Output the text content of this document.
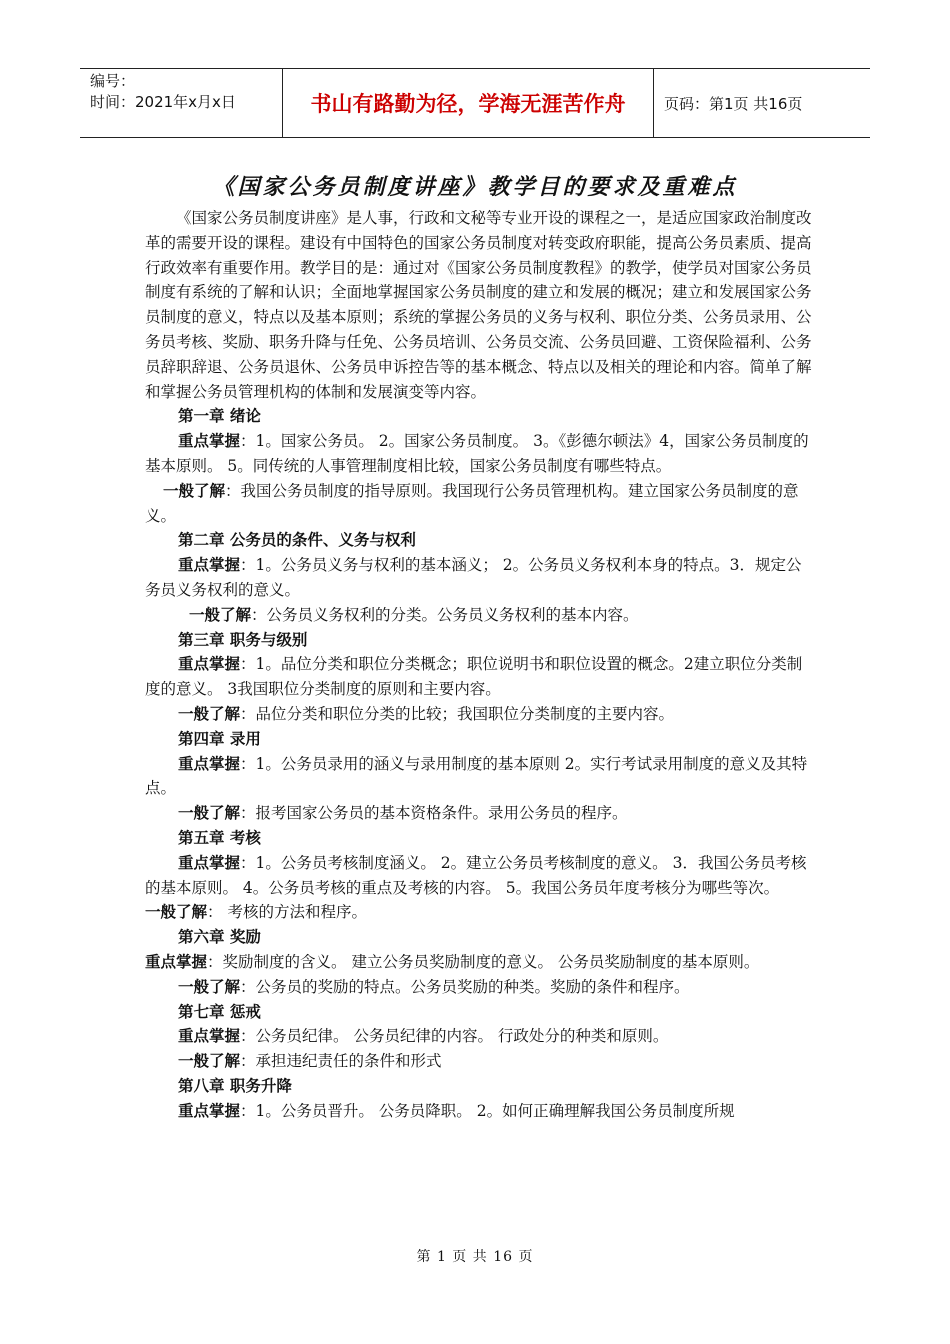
编号：
时间：2021年x月x日	书山有路勤为径，学海无涯苦作舟	页码：第1页 共16页
《国家公务员制度讲座》教学目的要求及重难点

《国家公务员制度讲座》是人事，行政和文秘等专业开设的课程之一，是适应国家政治制度改革的需要开设的课程。建设有中国特色的国家公务员制度对转变政府职能，提高公务员素质、提高行政效率有重要作用。教学目的是：通过对《国家公务员制度教程》的教学，使学员对国家公务员制度有系统的了解和认识；全面地掌握国家公务员制度的建立和发展的概况；建立和发展国家公务员制度的意义，特点以及基本原则；系统的掌握公务员的义务与权利、职位分类、公务员录用、公务员考核、奖励、职务升降与任免、公务员培训、公务员交流、公务员回避、工资保险福利、公务员辞职辞退、公务员退休、公务员申诉控告等的基本概念、特点以及相关的理论和内容。简单了解和掌握公务员管理机构的体制和发展演变等内容。

第一章 绪论

重点掌握：1。国家公务员。 2。国家公务员制度。 3。《彭德尔顿法》4，国家公务员制度的基本原则。 5。同传统的人事管理制度相比较，国家公务员制度有哪些特点。

一般了解：我国公务员制度的指导原则。我国现行公务员管理机构。建立国家公务员制度的意义。

第二章 公务员的条件、义务与权利

重点掌握：1。公务员义务与权利的基本涵义； 2。公务员义务权利本身的特点。3．规定公务员义务权利的意义。

一般了解：公务员义务权利的分类。公务员义务权利的基本内容。

第三章 职务与级别

重点掌握：1。品位分类和职位分类概念；职位说明书和职位设置的概念。2建立职位分类制度的意义。 3我国职位分类制度的原则和主要内容。

一般了解：品位分类和职位分类的比较；我国职位分类制度的主要内容。

第四章 录用

重点掌握：1。公务员录用的涵义与录用制度的基本原则 2。实行考试录用制度的意义及其特点。

一般了解：报考国家公务员的基本资格条件。录用公务员的程序。

第五章 考核

重点掌握：1。公务员考核制度涵义。 2。建立公务员考核制度的意义。 3．我国公务员考核的基本原则。 4。公务员考核的重点及考核的内容。 5。我国公务员年度考核分为哪些等次。

一般了解： 考核的方法和程序。

第六章 奖励

重点掌握：奖励制度的含义。 建立公务员奖励制度的意义。 公务员奖励制度的基本原则。

一般了解：公务员的奖励的特点。公务员奖励的种类。奖励的条件和程序。

第七章 惩戒

重点掌握：公务员纪律。 公务员纪律的内容。 行政处分的种类和原则。

一般了解：承担违纪责任的条件和形式

第八章 职务升降

重点掌握：1。公务员晋升。 公务员降职。 2。如何正确理解我国公务员制度所规

第 1 页 共 16 页
